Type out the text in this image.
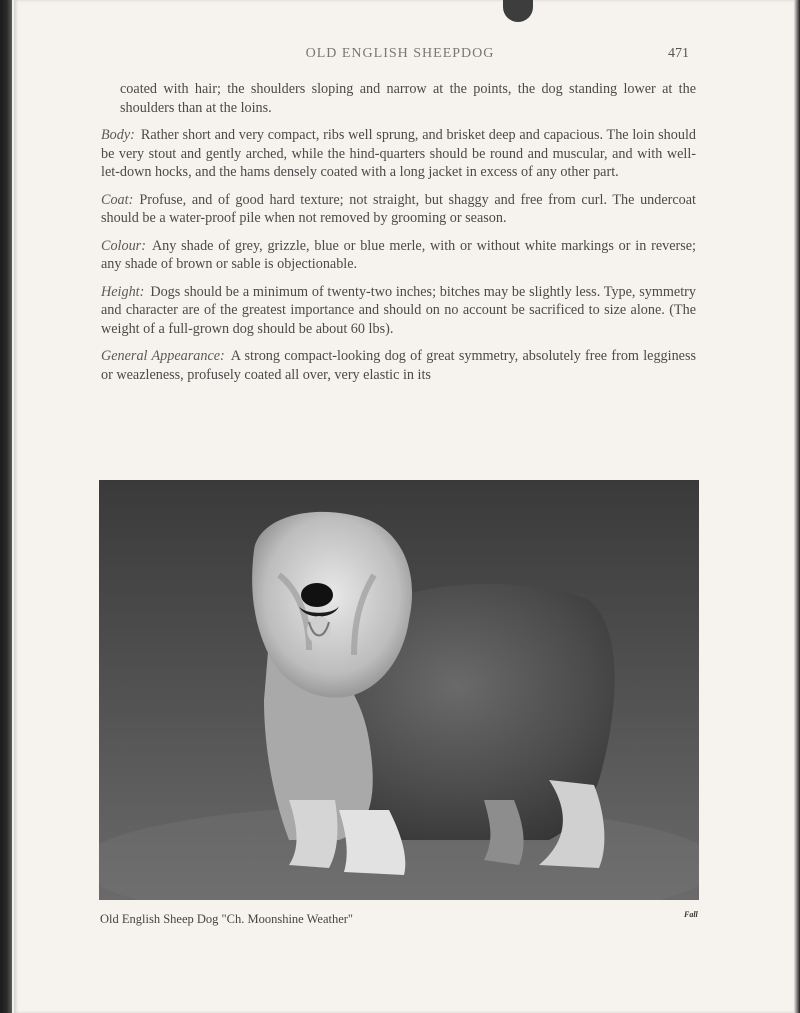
OLD ENGLISH SHEEPDOG	471

coated with hair; the shoulders sloping and narrow at the points, the dog standing lower at the shoulders than at the loins.

Body: Rather short and very compact, ribs well sprung, and brisket deep and capacious. The loin should be very stout and gently arched, while the hind-quarters should be round and muscular, and with well-let-down hocks, and the hams densely coated with a long jacket in excess of any other part.

Coat: Profuse, and of good hard texture; not straight, but shaggy and free from curl. The undercoat should be a water-proof pile when not removed by grooming or season.

Colour: Any shade of grey, grizzle, blue or blue merle, with or without white markings or in reverse; any shade of brown or sable is objectionable.

Height: Dogs should be a minimum of twenty-two inches; bitches may be slightly less. Type, symmetry and character are of the greatest importance and should on no account be sacrificed to size alone. (The weight of a full-grown dog should be about 60 lbs).

General Appearance: A strong compact-looking dog of great symmetry, absolutely free from legginess or weazleness, profusely coated all over, very elastic in its

Old English Sheep Dog "Ch. Moonshine Weather"	Fall
